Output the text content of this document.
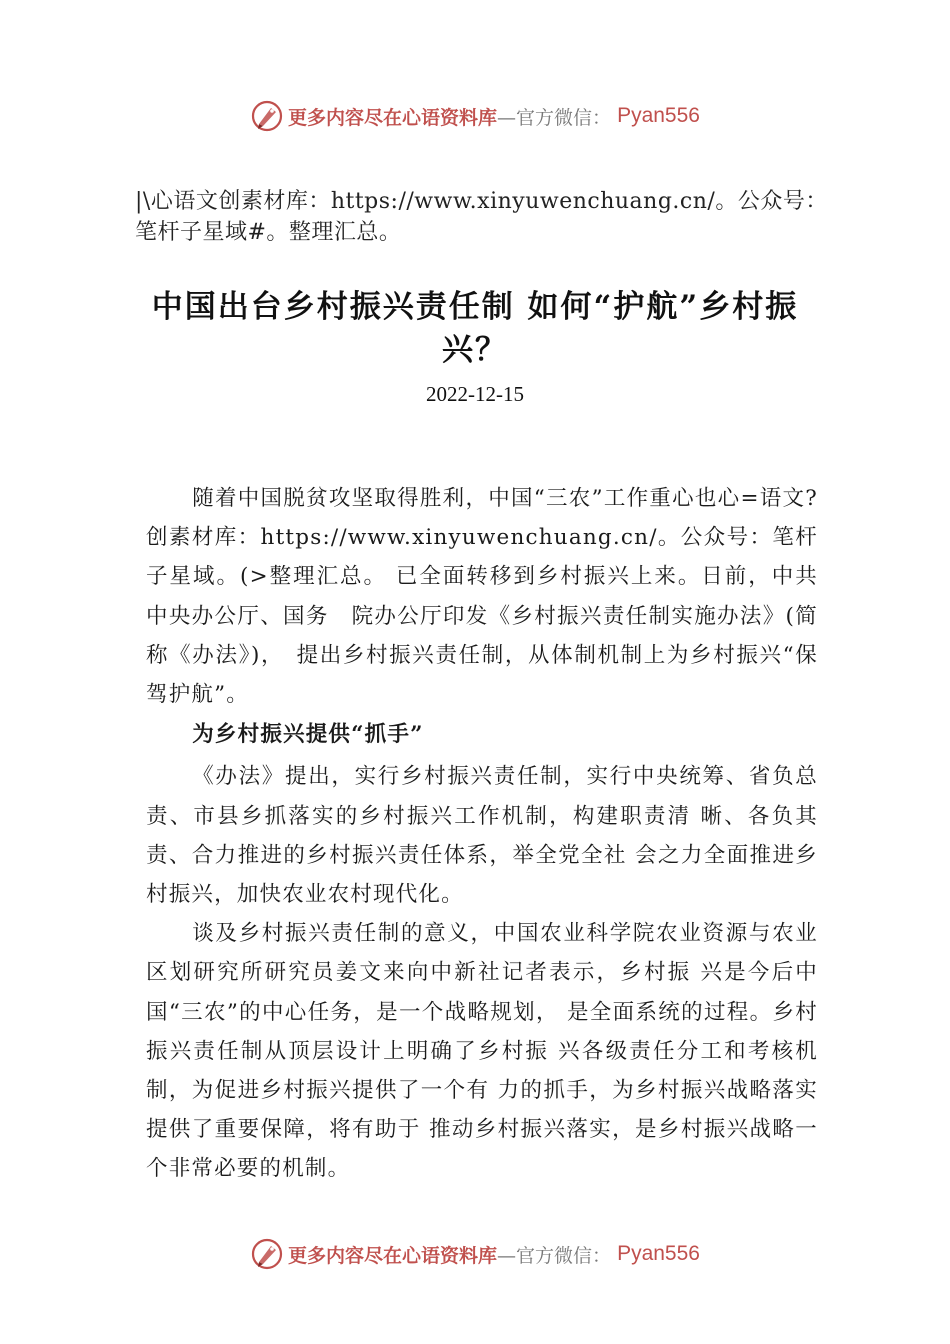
更多内容尽在心语资料库 —官方微信： Pyan556
|\心语文创素材库：https://www.xinyuwenchuang.cn/。公众号：笔杆子星域#。整理汇总。
中国出台乡村振兴责任制 如何“护航”乡村振兴？
2022-12-15

随着中国脱贫攻坚取得胜利，中国“三农”工作重心也心=语文?创素材库：https://www.xinyuwenchuang.cn/。公众号：笔杆子星域。(>整理汇总。 已全面转移到乡村振兴上来。日前，中共中央办公厅、国务　院办公厅印发《乡村振兴责任制实施办法》(简称《办法》)，　提出乡村振兴责任制，从体制机制上为乡村振兴“保驾护航”。

为乡村振兴提供“抓手”

《办法》提出，实行乡村振兴责任制，实行中央统筹、省负总责、市县乡抓落实的乡村振兴工作机制，构建职责清 晰、各负其责、合力推进的乡村振兴责任体系，举全党全社 会之力全面推进乡村振兴，加快农业农村现代化。

谈及乡村振兴责任制的意义，中国农业科学院农业资源与农业区划研究所研究员姜文来向中新社记者表示，乡村振 兴是今后中国“三农”的中心任务，是一个战略规划， 是全面系统的过程。乡村振兴责任制从顶层设计上明确了乡村振 兴各级责任分工和考核机制，为促进乡村振兴提供了一个有 力的抓手，为乡村振兴战略落实提供了重要保障，将有助于 推动乡村振兴落实，是乡村振兴战略一个非常必要的机制。

更多内容尽在心语资料库 —官方微信： Pyan556
